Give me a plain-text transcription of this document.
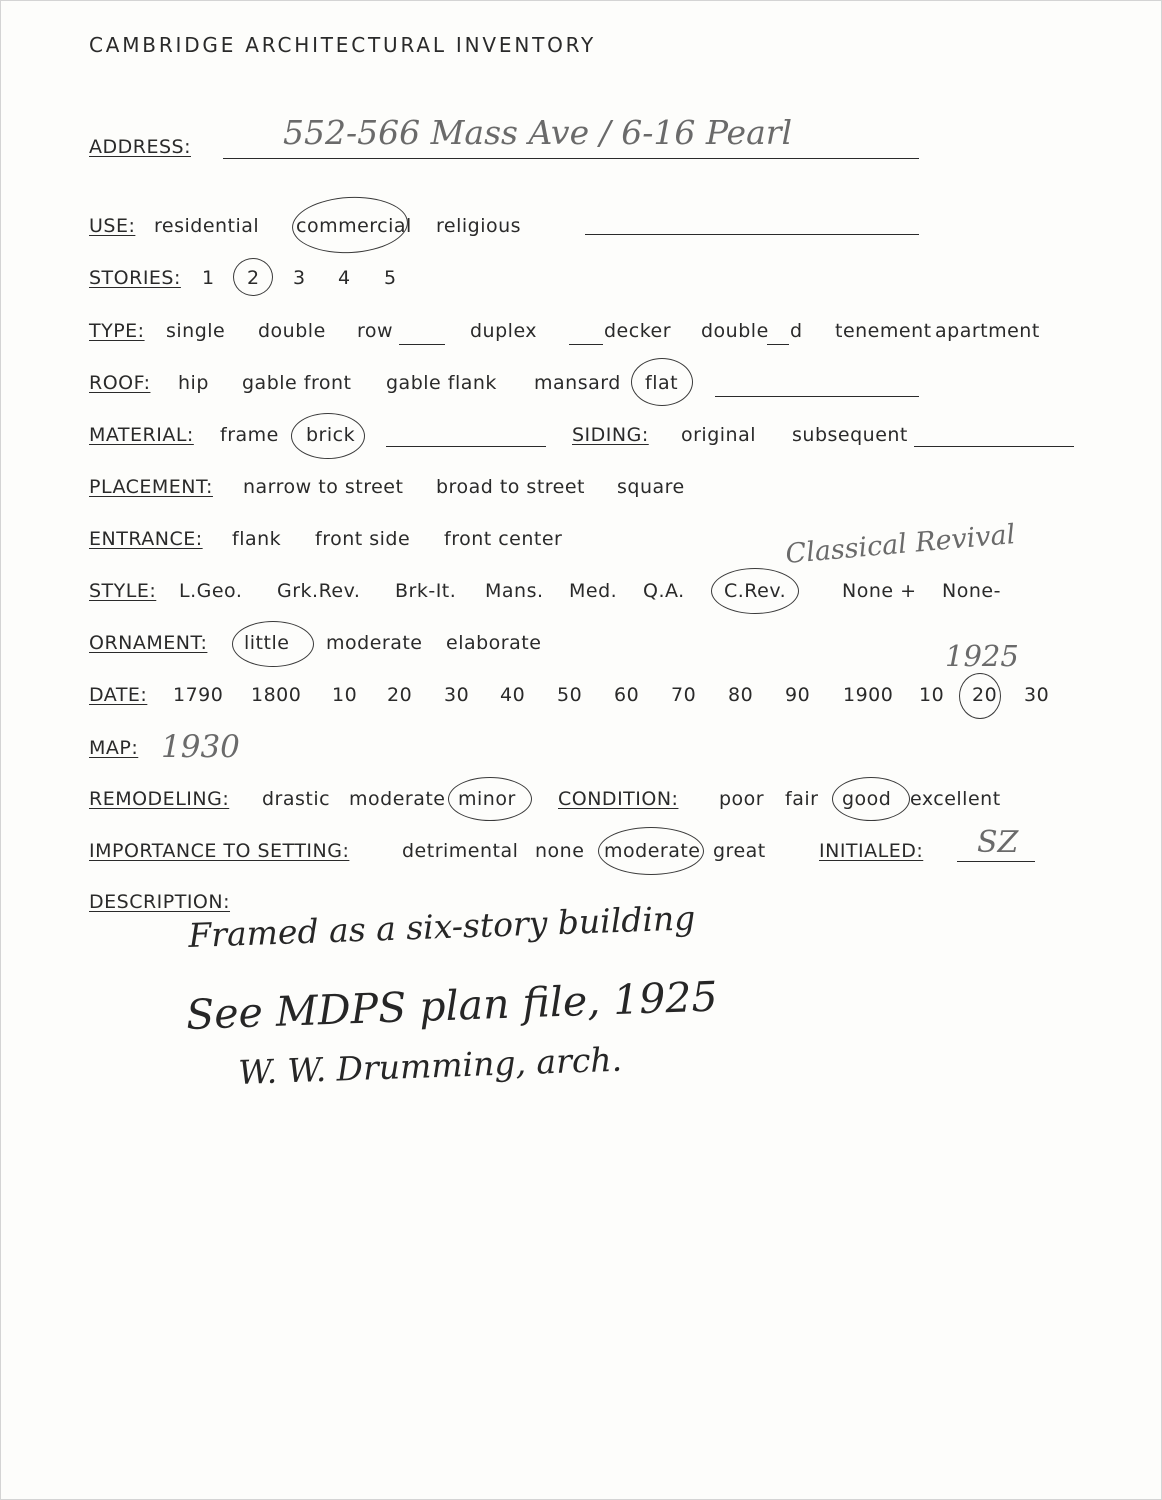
CAMBRIDGE ARCHITECTURAL INVENTORY
ADDRESS:	552-566 Mass Ave / 6-16 Pearl
USE: residential commercial religious
STORIES: 1 2 3 4 5
TYPE: single double row	duplex	decker double d tenement apartment
ROOF: hip gable front gable flank mansard flat
MATERIAL: frame brick	SIDING: original subsequent
PLACEMENT: narrow to street broad to street square
ENTRANCE: flank front side front center	Classical Revival
STYLE: L.Geo. Grk.Rev. Brk-It. Mans. Med. Q.A. C.Rev.	None + None-
ORNAMENT: little moderate elaborate	1925
DATE: 1790 1800 10 20 30 40 50 60 70 80 90 1900 10 20 30
MAP: 1930
REMODELING: drastic moderate minor CONDITION: poor fair good excellent
IMPORTANCE TO SETTING:	detrimental none moderate great	INITIALED: SZ
DESCRIPTION:
Framed as a six-story building
See MDPS plan file, 1925
W. W. Drumming, arch.
